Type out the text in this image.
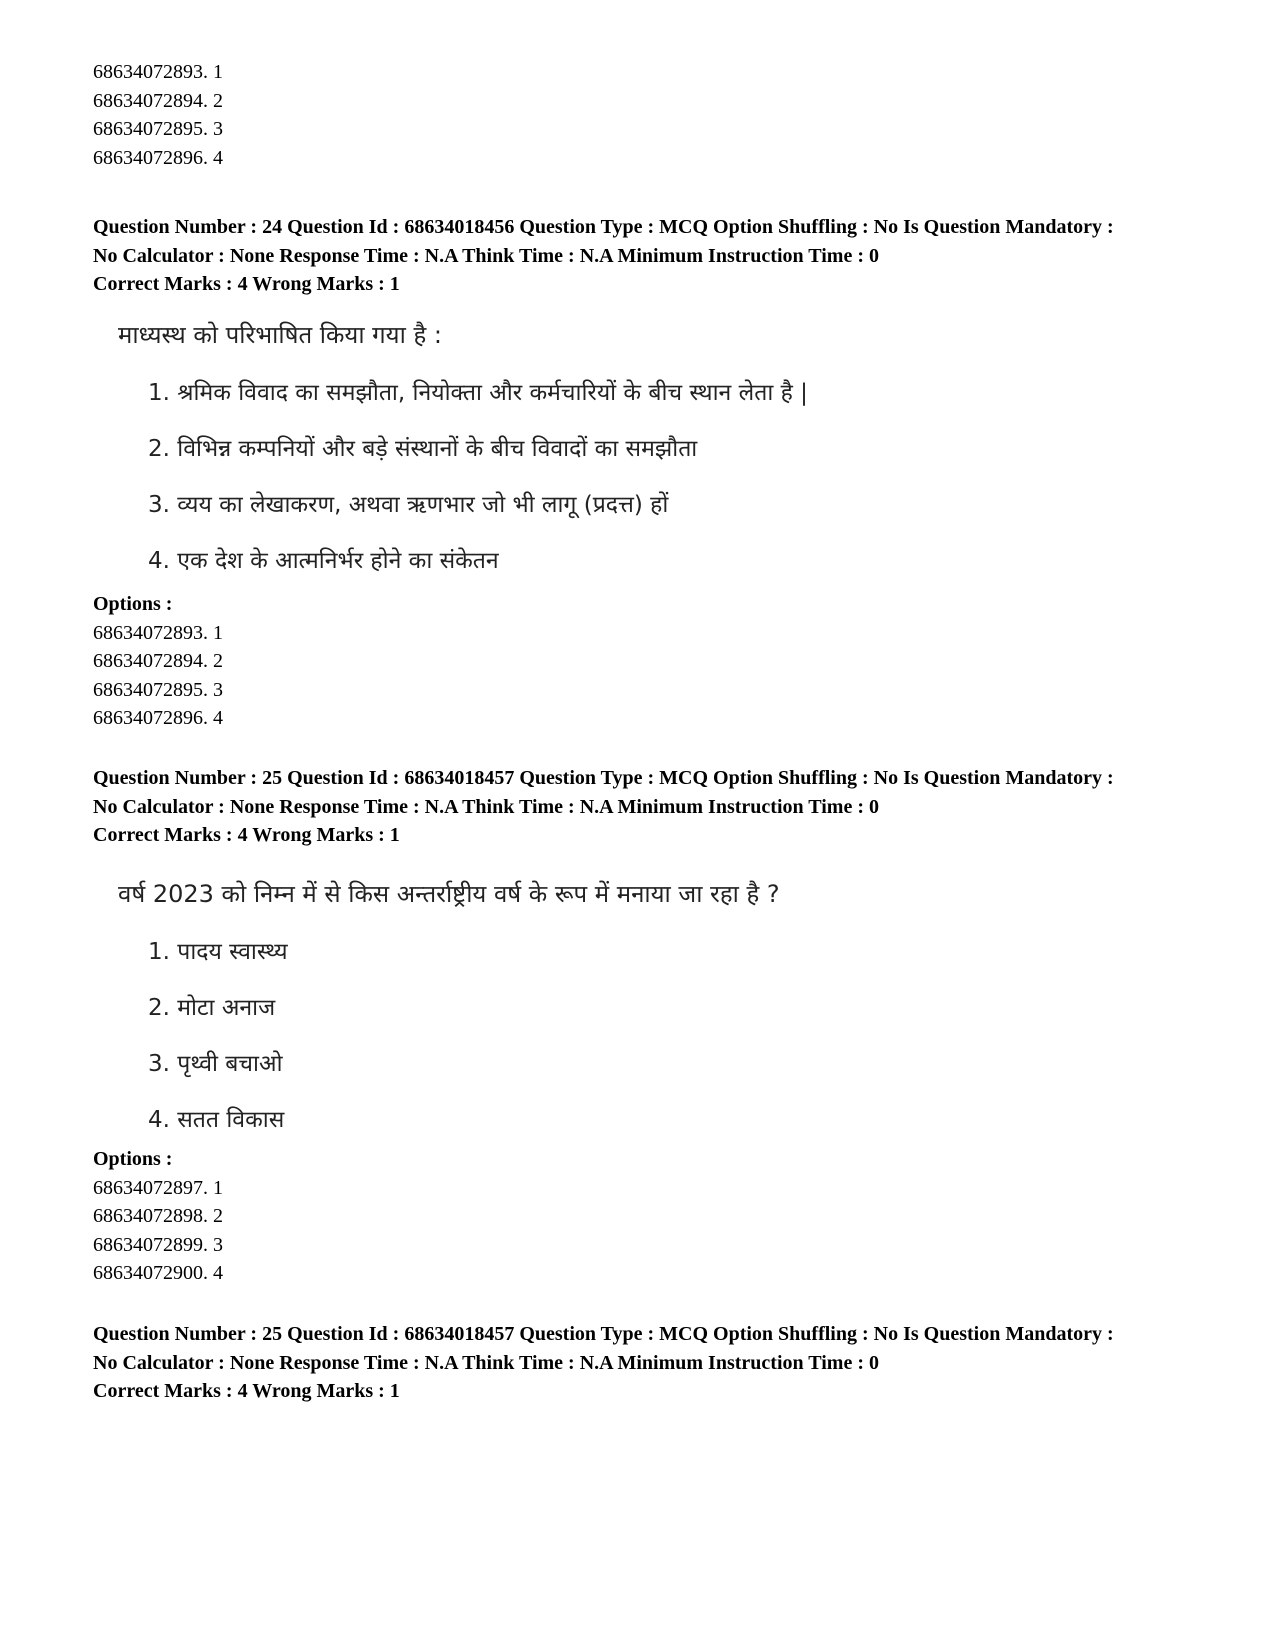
68634072893. 1
68634072894. 2
68634072895. 3
68634072896. 4
Question Number : 24 Question Id : 68634018456 Question Type : MCQ Option Shuffling : No Is Question Mandatory :
No Calculator : None Response Time : N.A Think Time : N.A Minimum Instruction Time : 0
Correct Marks : 4 Wrong Marks : 1
माध्यस्थ को परिभाषित किया गया है :
1. श्रमिक विवाद का समझौता, नियोक्ता और कर्मचारियों के बीच स्थान लेता है |
2. विभिन्न कम्पनियों और बड़े संस्थानों के बीच विवादों का समझौता
3. व्यय का लेखाकरण, अथवा ऋणभार जो भी लागू (प्रदत्त) हों
4. एक देश के आत्मनिर्भर होने का संकेतन
Options :
68634072893. 1
68634072894. 2
68634072895. 3
68634072896. 4
Question Number : 25 Question Id : 68634018457 Question Type : MCQ Option Shuffling : No Is Question Mandatory :
No Calculator : None Response Time : N.A Think Time : N.A Minimum Instruction Time : 0
Correct Marks : 4 Wrong Marks : 1
वर्ष 2023 को निम्न में से किस अन्तर्राष्ट्रीय वर्ष के रूप में मनाया जा रहा है ?
1. पादय स्वास्थ्य
2. मोटा अनाज
3. पृथ्वी बचाओ
4. सतत विकास
Options :
68634072897. 1
68634072898. 2
68634072899. 3
68634072900. 4
Question Number : 25 Question Id : 68634018457 Question Type : MCQ Option Shuffling : No Is Question Mandatory :
No Calculator : None Response Time : N.A Think Time : N.A Minimum Instruction Time : 0
Correct Marks : 4 Wrong Marks : 1
